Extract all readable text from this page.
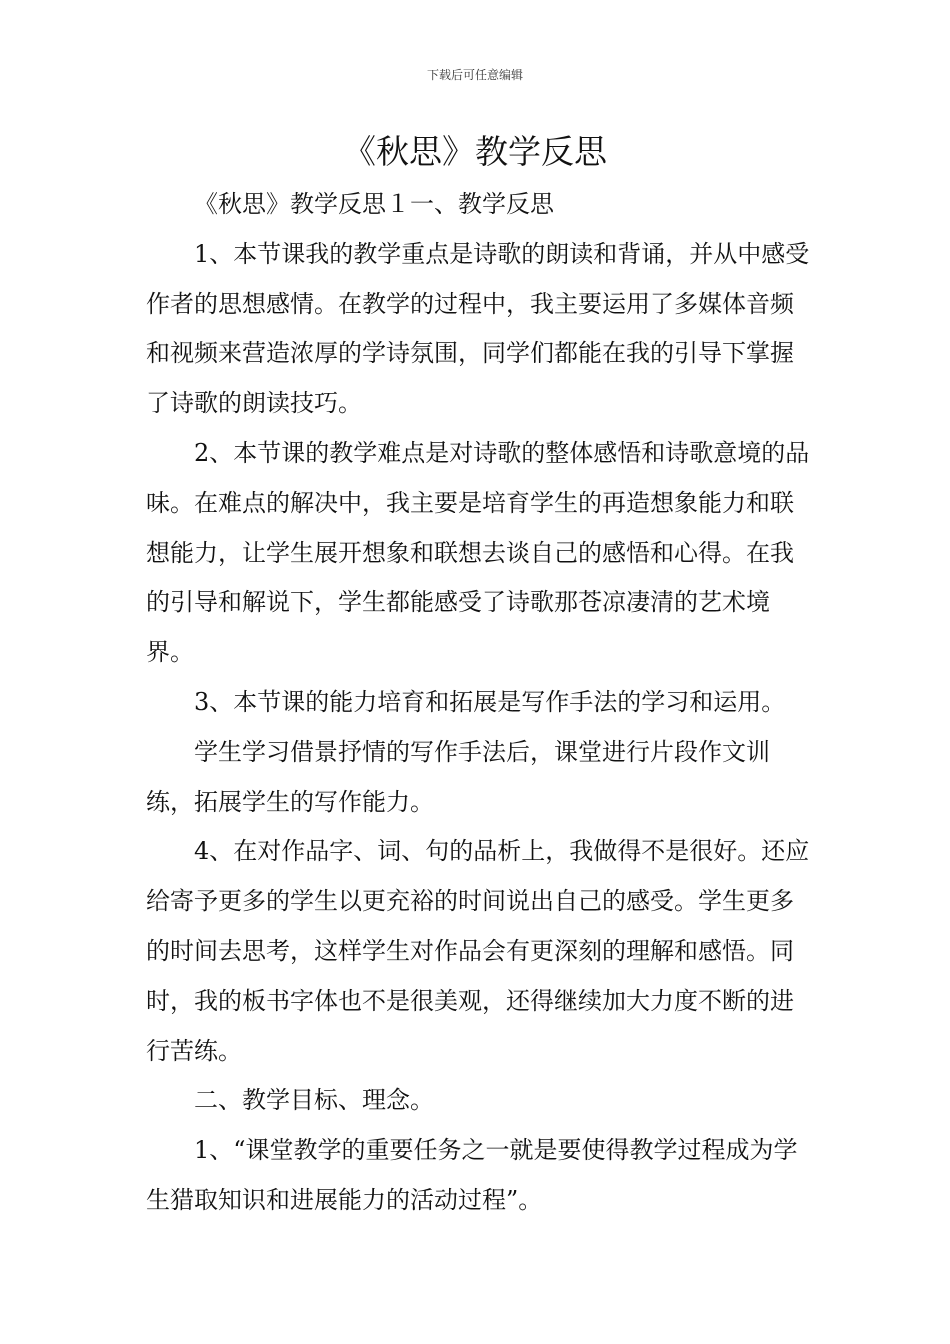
下载后可任意编辑
《秋思》教学反思

《秋思》教学反思１一、教学反思

1、本节课我的教学重点是诗歌的朗读和背诵，并从中感受作者的思想感情。在教学的过程中，我主要运用了多媒体音频和视频来营造浓厚的学诗氛围，同学们都能在我的引导下掌握了诗歌的朗读技巧。

2、本节课的教学难点是对诗歌的整体感悟和诗歌意境的品味。在难点的解决中，我主要是培育学生的再造想象能力和联想能力，让学生展开想象和联想去谈自己的感悟和心得。在我的引导和解说下，学生都能感受了诗歌那苍凉凄清的艺术境界。

3、本节课的能力培育和拓展是写作手法的学习和运用。

学生学习借景抒情的写作手法后，课堂进行片段作文训练，拓展学生的写作能力。

4、在对作品字、词、句的品析上，我做得不是很好。还应给寄予更多的学生以更充裕的时间说出自己的感受。学生更多的时间去思考，这样学生对作品会有更深刻的理解和感悟。同时，我的板书字体也不是很美观，还得继续加大力度不断的进行苦练。

二、教学目标、理念。

1、“课堂教学的重要任务之一就是要使得教学过程成为学生猎取知识和进展能力的活动过程”。
